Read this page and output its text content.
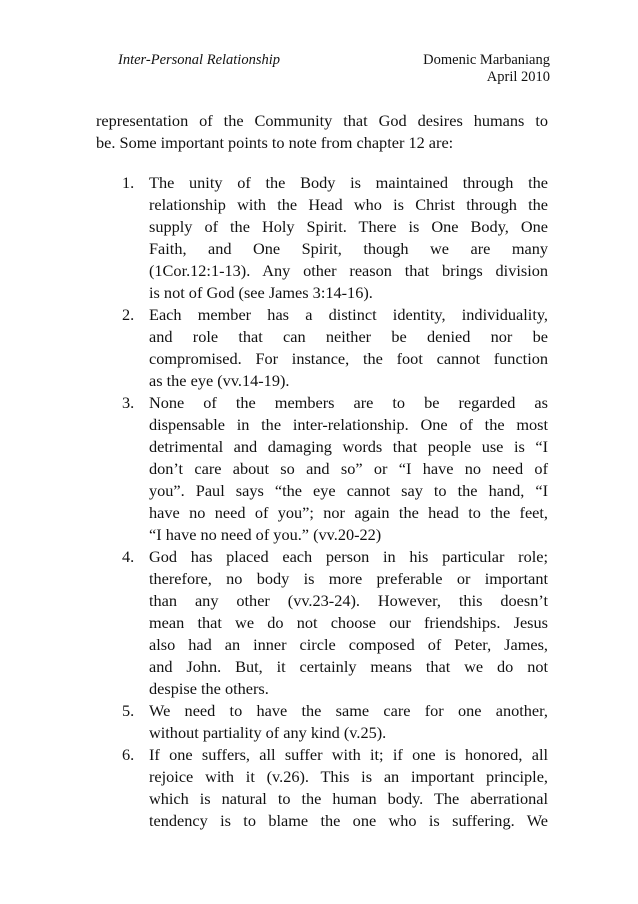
Inter-Personal Relationship	Domenic Marbaniang
April 2010
representation of the Community that God desires humans to
be. Some important points to note from chapter 12 are:
1. The unity of the Body is maintained through the
relationship with the Head who is Christ through the
supply of the Holy Spirit. There is One Body, One
Faith, and One Spirit, though we are many
(1Cor.12:1-13). Any other reason that brings division
is not of God (see James 3:14-16).
2. Each member has a distinct identity, individuality,
and role that can neither be denied nor be
compromised. For instance, the foot cannot function
as the eye (vv.14-19).
3. None of the members are to be regarded as
dispensable in the inter-relationship. One of the most
detrimental and damaging words that people use is “I
don’t care about so and so” or “I have no need of
you”. Paul says “the eye cannot say to the hand, “I
have no need of you”; nor again the head to the feet,
“I have no need of you.” (vv.20-22)
4. God has placed each person in his particular role;
therefore, no body is more preferable or important
than any other (vv.23-24). However, this doesn’t
mean that we do not choose our friendships. Jesus
also had an inner circle composed of Peter, James,
and John. But, it certainly means that we do not
despise the others.
5. We need to have the same care for one another,
without partiality of any kind (v.25).
6. If one suffers, all suffer with it; if one is honored, all
rejoice with it (v.26). This is an important principle,
which is natural to the human body. The aberrational
tendency is to blame the one who is suffering. We
